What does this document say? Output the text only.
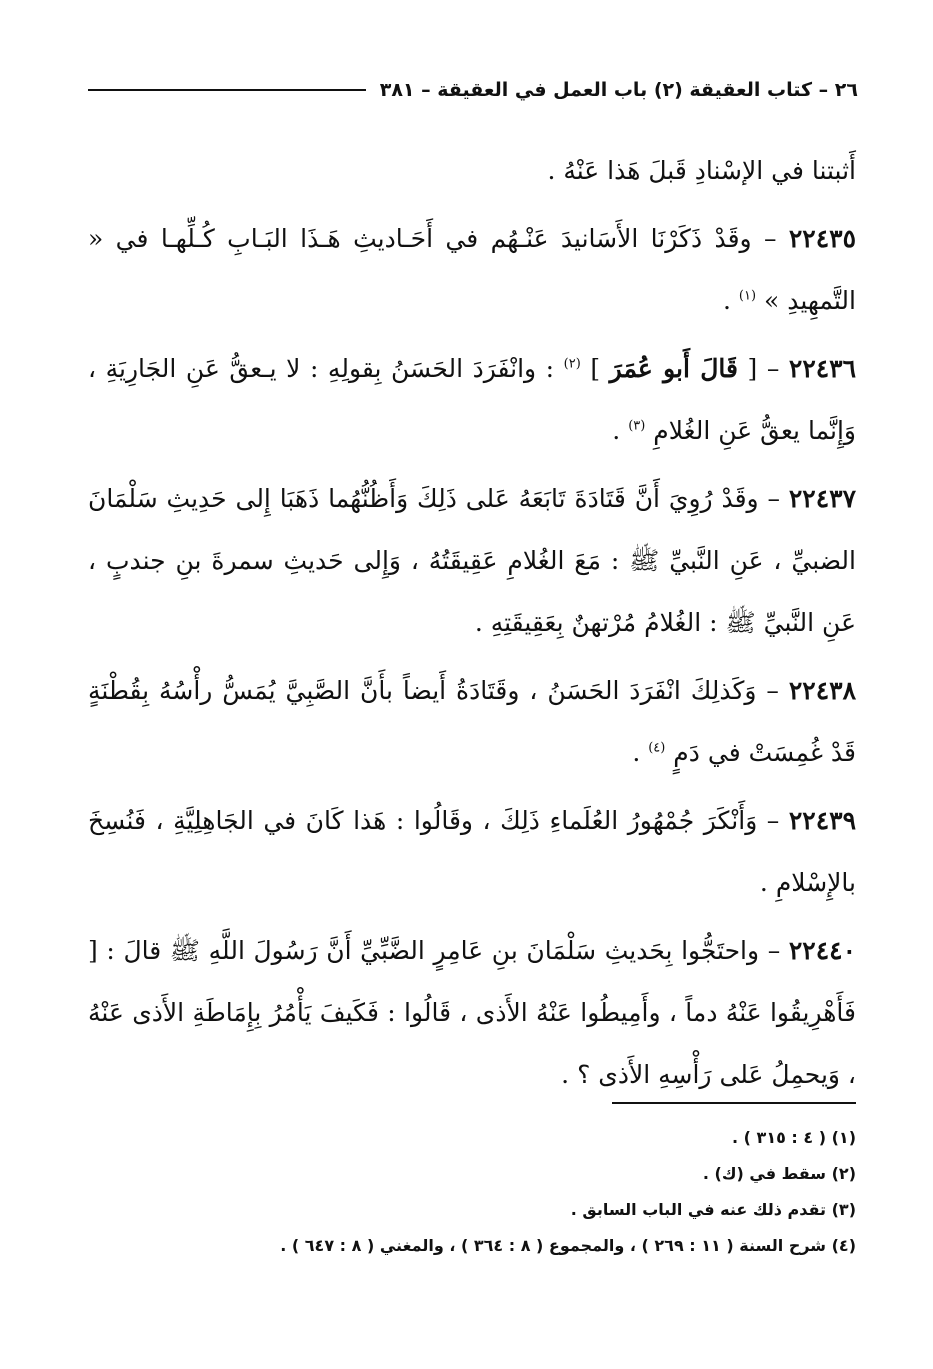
٢٦ – كتاب العقيقة (٢) باب العمل في العقيقة – ٣٨١

أَثبتنا في الإسْنادِ قَبلَ هَذا عَنْهُ .

٢٢٤٣٥ – وقَدْ ذَكَرْنَا الأَسَانيدَ عَنْـهُم في أَحَـاديثِ هَـذَا البَـابِ كُـلِّهـا في « التَّمهِيدِ » $^{(١)}$ .

٢٢٤٣٦ – [ قَالَ أَبو عُمَرَ ] $^{(٢)}$ : وانْفَرَدَ الحَسَنُ بِقولِهِ : لا يـعقُّ عَنِ الجَارِيَةِ ، وَإِنَّما يعقُّ عَنِ الغُلامِ $^{(٣)}$ .

٢٢٤٣٧ – وقَدْ رُوِيَ أَنَّ قَتَادَةَ تَابَعَهُ عَلى ذَلِكَ وَأَظُنُّهُما ذَهَبَا إِلى حَدِيثِ سَلْمَانَ الضبيِّ ، عَنِ النَّبيِّ ﷺ : مَعَ الغُلامِ عَقِيقَتُهُ ، وَإِلى حَديثِ سمرةَ بنِ جندبٍ ، عَنِ النَّبيِّ ﷺ : الغُلامُ مُرْتهنٌ بِعَقِيقَتِهِ .

٢٢٤٣٨ – وَكَذلِكَ انْفَرَدَ الحَسَنُ ، وقَتَادَةُ أَيضاً بأَنَّ الصَّبِيَّ يُمَسُّ رأْسُهُ بِقُطْنَةٍ قَدْ غُمِسَتْ في دَمٍ $^{(٤)}$ .

٢٢٤٣٩ – وَأَنْكَرَ جُمْهُورُ العُلَماءِ ذَلِكَ ، وقَالُوا : هَذا كَانَ في الجَاهِلِيَّةِ ، فَنُسِخَ بالإِسْلامِ .

٢٢٤٤٠ – واحتَجُّوا بِحَديثِ سَلْمَانَ بنِ عَامِرٍ الضَّبِّيِّ أَنَّ رَسُولَ اللَّهِ ﷺ قالَ : [ فَأَهْرِيقُوا عَنْهُ دماً ، وأَمِيطُوا عَنْهُ الأَذى ، قَالُوا : فَكَيفَ يَأْمُرُ بِإِمَاطَةِ الأَذى عَنْهُ ، وَيحمِلُ عَلى رَأْسِهِ الأَذى ؟ .

(١) ( ٤ : ٣١٥ ) .

(٢) سقط في (ك) .

(٣) تقدم ذلك عنه في الباب السابق .

(٤) شرح السنة ( ١١ : ٢٦٩ ) ، والمجموع ( ٨ : ٣٦٤ ) ، والمغني ( ٨ : ٦٤٧ ) .
